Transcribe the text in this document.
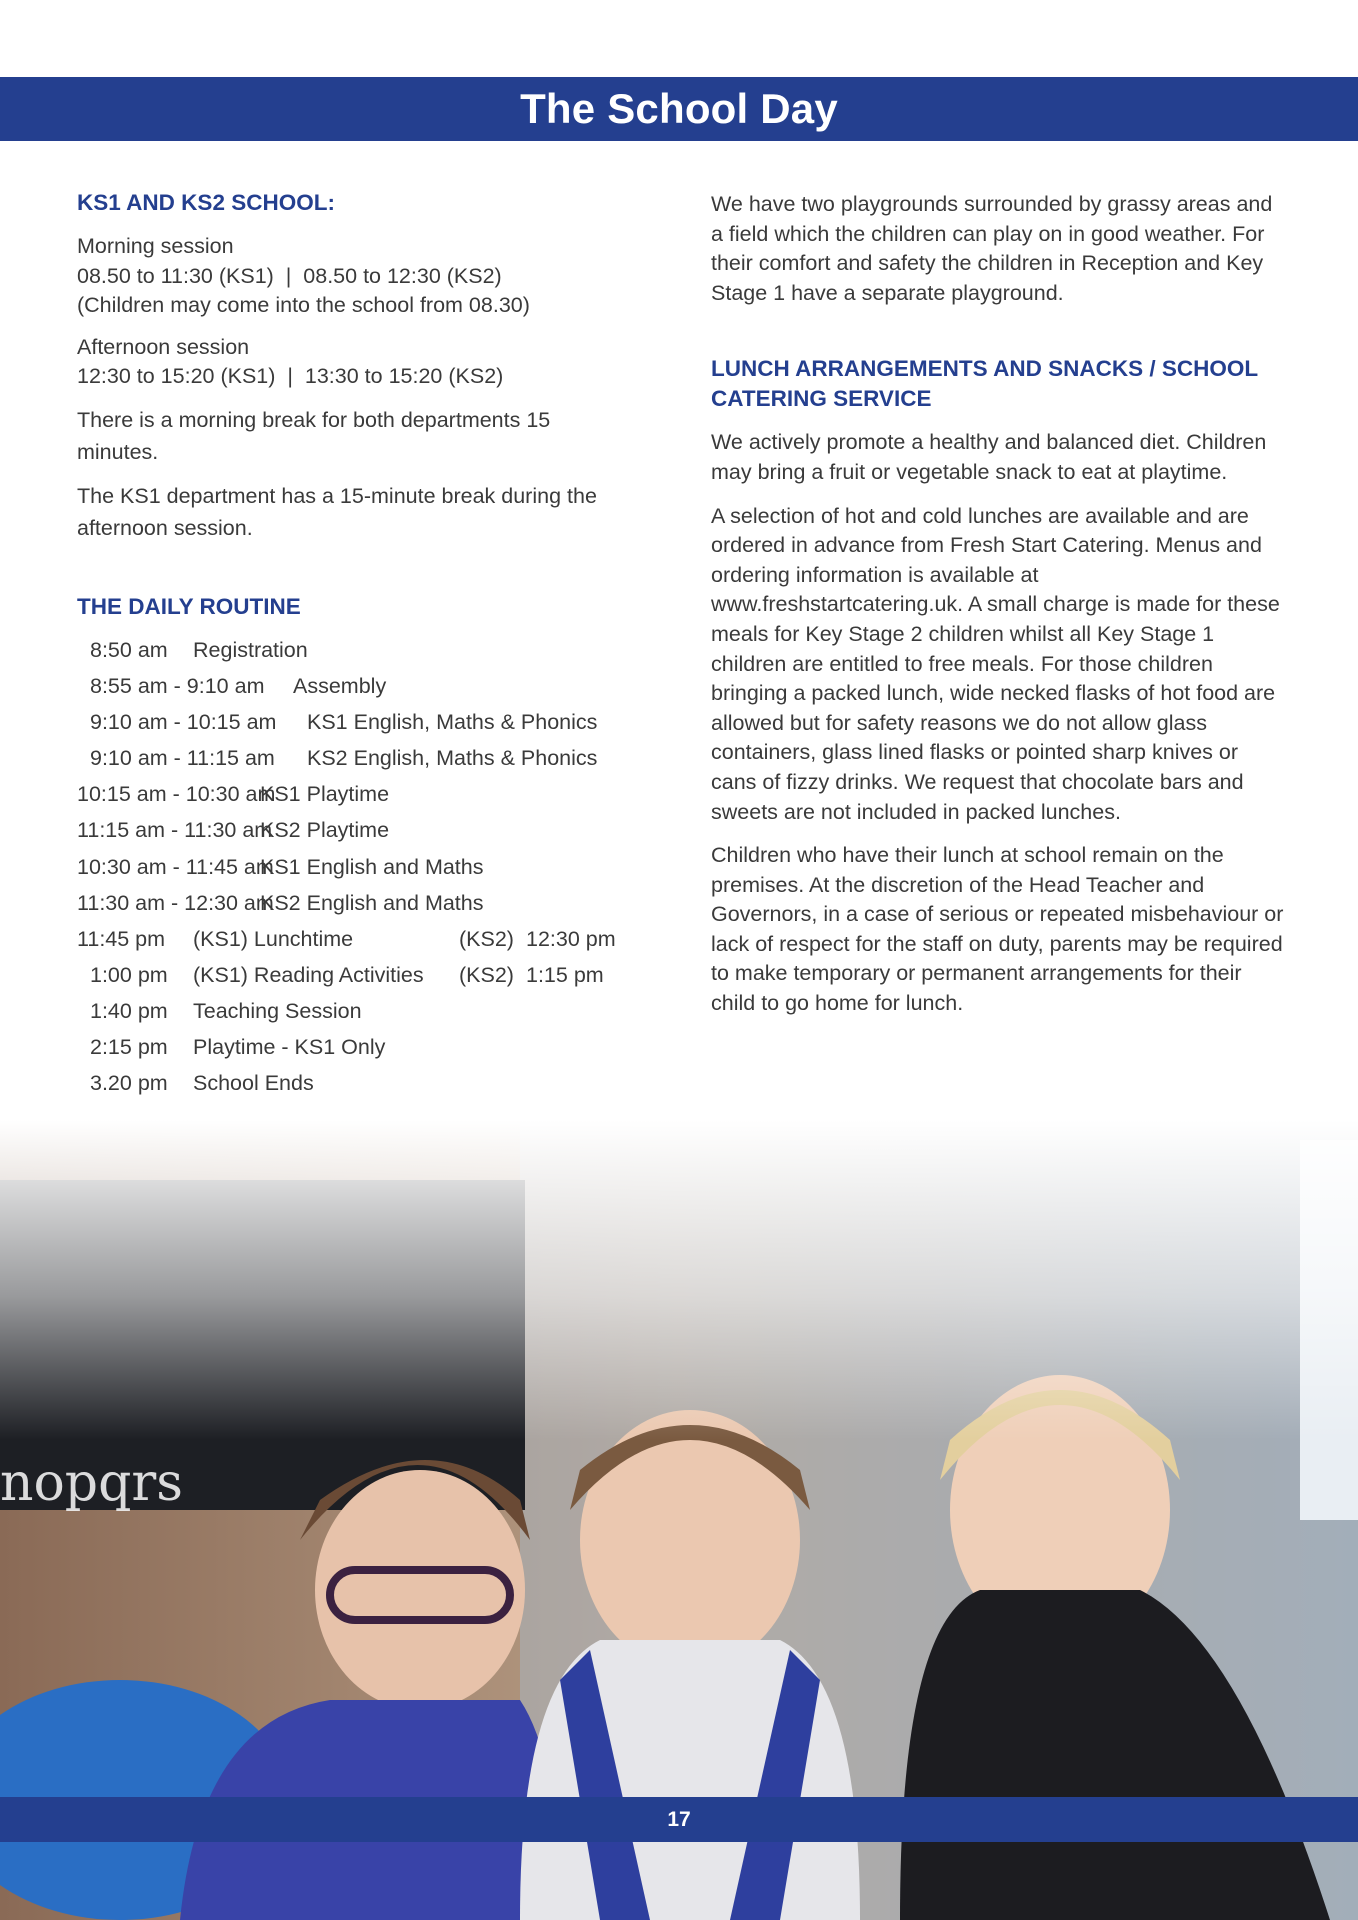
The School Day

KS1 AND KS2 SCHOOL:

Morning session
08.50 to 11:30 (KS1)  |  08.50 to 12:30 (KS2)
(Children may come into the school from 08.30)
Afternoon session
12:30 to 15:20 (KS1)  |  13:30 to 15:20 (KS2)

There is a morning break for both departments 15 minutes.

The KS1 department has a 15-minute break during the afternoon session.

THE DAILY ROUTINE

8:50 am Registration
8:55 am - 9:10 am Assembly
9:10 am - 10:15 am KS1 English, Maths & Phonics
9:10 am - 11:15 am KS2 English, Maths & Phonics
10:15 am - 10:30 am
KS1 Playtime
11:15 am - 11:30 am
KS2 Playtime
10:30 am - 11:45 am
KS1 English and Maths
11:30 am - 12:30 am
KS2 English and Maths
11:45 pm (KS1) Lunchtime	(KS2) 12:30 pm
1:00 pm (KS1) Reading Activities (KS2) 1:15 pm
1:40 pm Teaching Session
2:15 pm Playtime - KS1 Only
3.20 pm School Ends

We have two playgrounds surrounded by grassy areas and a field which the children can play on in good weather. For their comfort and safety the children in Reception and Key Stage 1 have a separate playground.

LUNCH ARRANGEMENTS AND SNACKS / SCHOOL CATERING SERVICE

We actively promote a healthy and balanced diet. Children may bring a fruit or vegetable snack to eat at playtime.

A selection of hot and cold lunches are available and are ordered in advance from Fresh Start Catering. Menus and ordering information is available at www.freshstartcatering.uk. A small charge is made for these meals for Key Stage 2 children whilst all Key Stage 1 children are entitled to free meals. For those children bringing a packed lunch, wide necked flasks of hot food are allowed but for safety reasons we do not allow glass containers, glass lined flasks or pointed sharp knives or cans of fizzy drinks. We request that chocolate bars and sweets are not included in packed lunches.

Children who have their lunch at school remain on the premises. At the discretion of the Head Teacher and Governors, in a case of serious or repeated misbehaviour or lack of respect for the staff on duty, parents may be required to make temporary or permanent arrangements for their child to go home for lunch.

17
